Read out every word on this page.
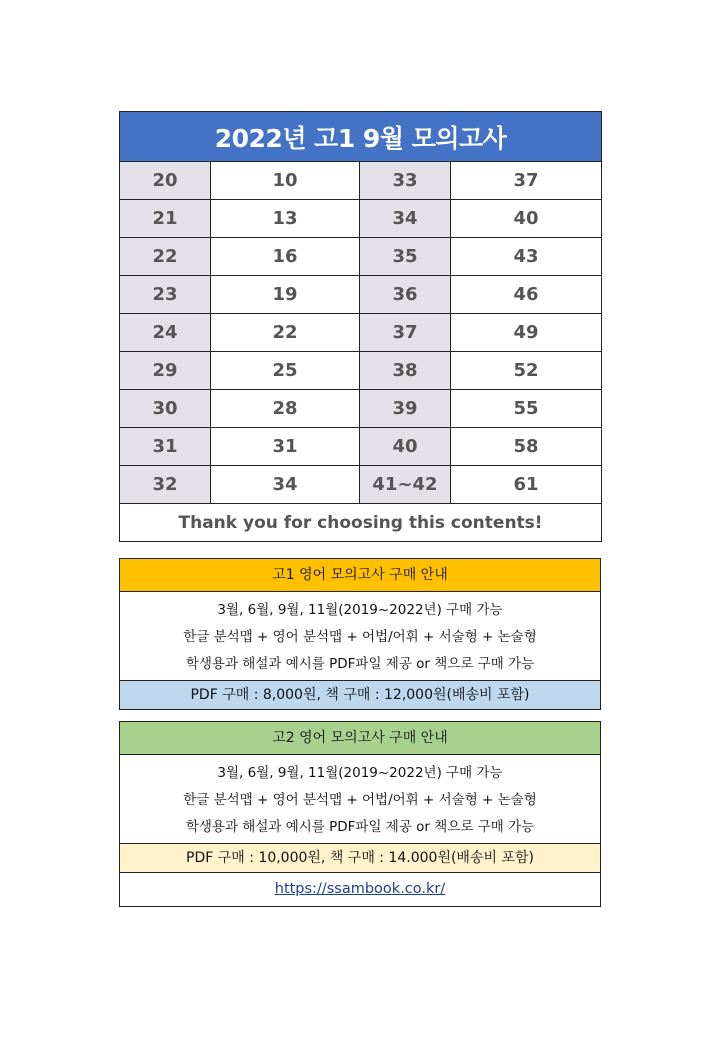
2022년 고1 9월 모의고사			
20	10	33	37
21	13	34	40
22	16	35	43
23	19	36	46
24	22	37	49
29	25	38	52
30	28	39	55
31	31	40	58
32	34	41~42	61
Thank you for choosing this contents!			
고1 영어 모의고사 구매 안내
3월, 6월, 9월, 11월(2019~2022년) 구매 가능
한글 분석맵 + 영어 분석맵 + 어법/어휘 + 서술형 + 논술형
학생용과 해설과 예시를 PDF파일 제공 or 책으로 구매 가능
PDF 구매 : 8,000원, 책 구매 : 12,000원(배송비 포함)
고2 영어 모의고사 구매 안내
3월, 6월, 9월, 11월(2019~2022년) 구매 가능
한글 분석맵 + 영어 분석맵 + 어법/어휘 + 서술형 + 논술형
학생용과 해설과 예시를 PDF파일 제공 or 책으로 구매 가능
PDF 구매 : 10,000원, 책 구매 : 14.000원(배송비 포함)
https://ssambook.co.kr/
